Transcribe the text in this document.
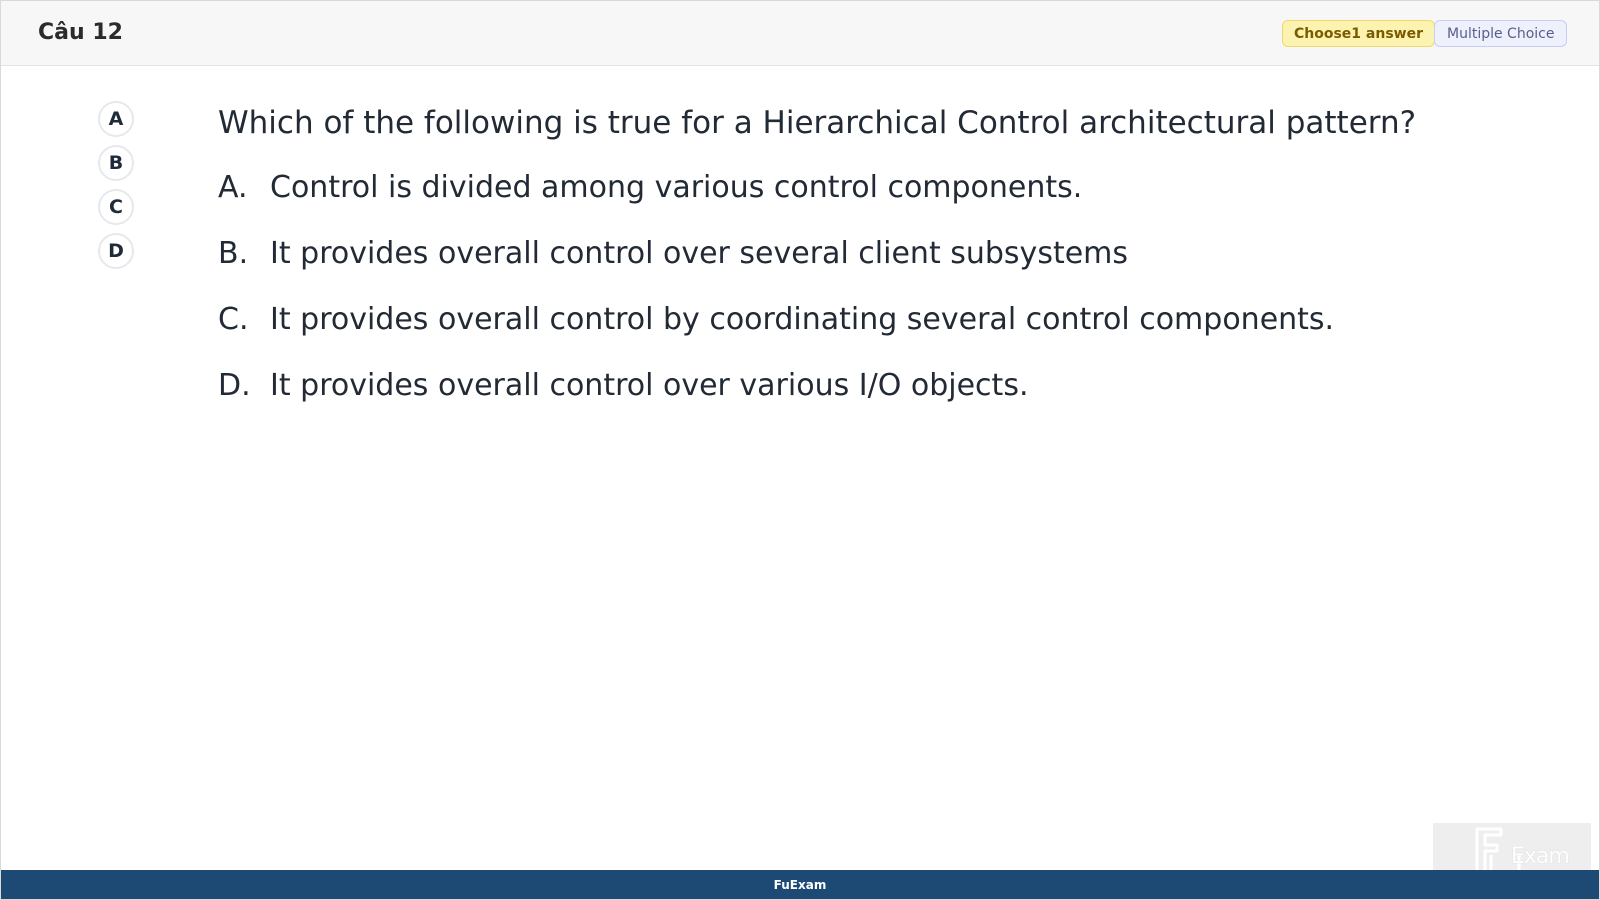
Câu 12	Choose1 answer	Multiple Choice
A
B
C
D
Which of the following is true for a Hierarchical Control architectural pattern?
A. Control is divided among various control components.
B. It provides overall control over several client subsystems
C. It provides overall control by coordinating several control components.
D. It provides overall control over various I/O objects.
Exam
FuExam
